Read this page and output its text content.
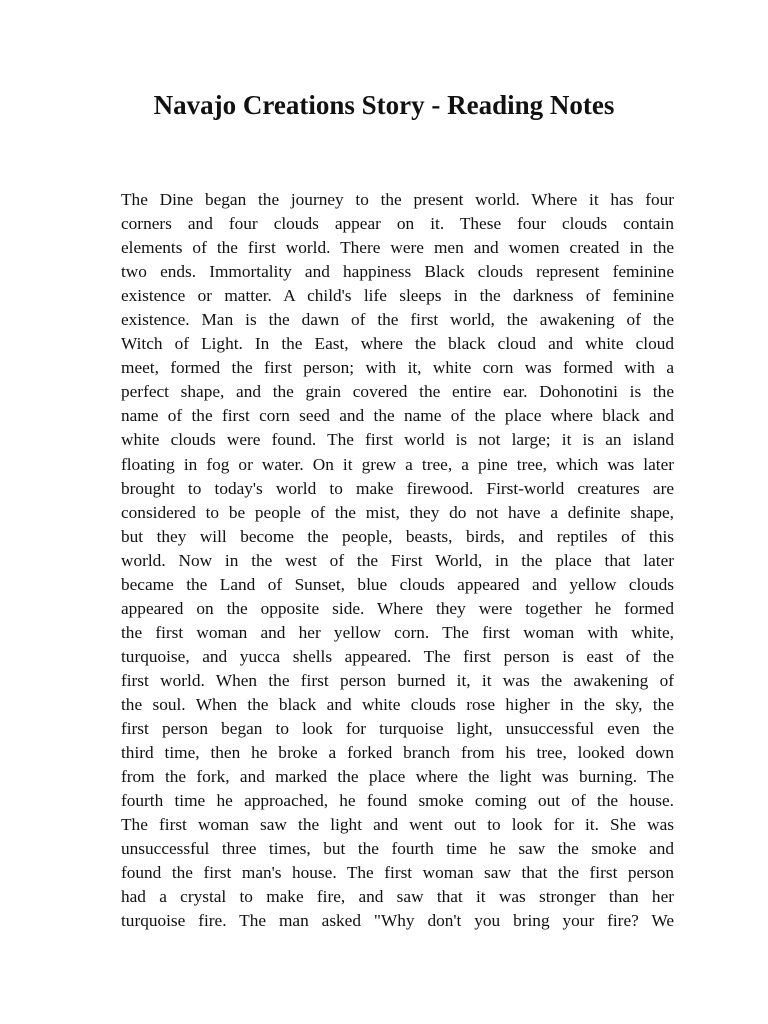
Navajo Creations Story - Reading Notes
The Dine began the journey to the present world. Where it has four
corners and four clouds appear on it. These four clouds contain
elements of the first world. There were men and women created in the
two ends. Immortality and happiness Black clouds represent feminine
existence or matter. A child's life sleeps in the darkness of feminine
existence. Man is the dawn of the first world, the awakening of the
Witch of Light. In the East, where the black cloud and white cloud
meet, formed the first person; with it, white corn was formed with a
perfect shape, and the grain covered the entire ear. Dohonotini is the
name of the first corn seed and the name of the place where black and
white clouds were found. The first world is not large; it is an island
floating in fog or water. On it grew a tree, a pine tree, which was later
brought to today's world to make firewood. First-world creatures are
considered to be people of the mist, they do not have a definite shape,
but they will become the people, beasts, birds, and reptiles of this
world. Now in the west of the First World, in the place that later
became the Land of Sunset, blue clouds appeared and yellow clouds
appeared on the opposite side. Where they were together he formed
the first woman and her yellow corn. The first woman with white,
turquoise, and yucca shells appeared. The first person is east of the
first world. When the first person burned it, it was the awakening of
the soul. When the black and white clouds rose higher in the sky, the
first person began to look for turquoise light, unsuccessful even the
third time, then he broke a forked branch from his tree, looked down
from the fork, and marked the place where the light was burning. The
fourth time he approached, he found smoke coming out of the house.
The first woman saw the light and went out to look for it. She was
unsuccessful three times, but the fourth time he saw the smoke and
found the first man's house. The first woman saw that the first person
had a crystal to make fire, and saw that it was stronger than her
turquoise fire. The man asked "Why don't you bring your fire? We
